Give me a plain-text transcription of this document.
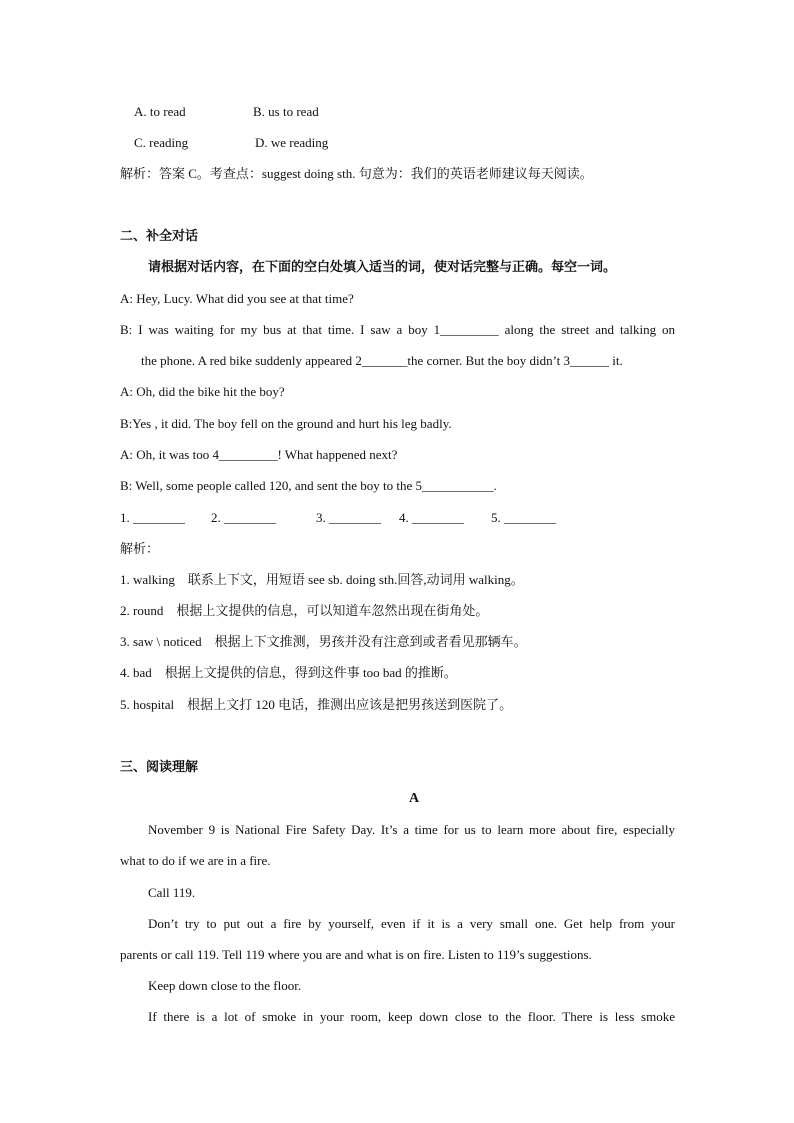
A. to read	B. us to read
C. reading	D. we reading
解析：答案 C。考查点：suggest doing sth. 句意为：我们的英语老师建议每天阅读。
二、补全对话
请根据对话内容，在下面的空白处填入适当的词，使对话完整与正确。每空一词。
A: Hey, Lucy. What did you see at that time?
B: I was waiting for my bus at that time. I saw a boy 1_________ along the street and talking on
the phone. A red bike suddenly appeared 2_______the corner. But the boy didn’t 3______ it.
A: Oh, did the bike hit the boy?
B:Yes , it did. The boy fell on the ground and hurt his leg badly.
A: Oh, it was too 4_________! What happened next?
B: Well, some people called 120, and sent the boy to the 5___________.
1. ________ 2. ________	3. ________ 4. ________ 5. ________
解析：
1. walking　联系上下文，用短语 see sb. doing sth.回答,动词用 walking。
2. round　根据上文提供的信息，可以知道车忽然出现在街角处。
3. saw \ noticed　根据上下文推测，男孩并没有注意到或者看见那辆车。
4. bad　根据上文提供的信息，得到这件事 too bad 的推断。
5. hospital　根据上文打 120 电话，推测出应该是把男孩送到医院了。
三、阅读理解
A
November 9 is National Fire Safety Day. It’s a time for us to learn more about fire, especially
what to do if we are in a fire.
Call 119.
Don’t try to put out a fire by yourself, even if it is a very small one. Get help from your
parents or call 119. Tell 119 where you are and what is on fire. Listen to 119’s suggestions.
Keep down close to the floor.
If there is a lot of smoke in your room, keep down close to the floor. There is less smoke
